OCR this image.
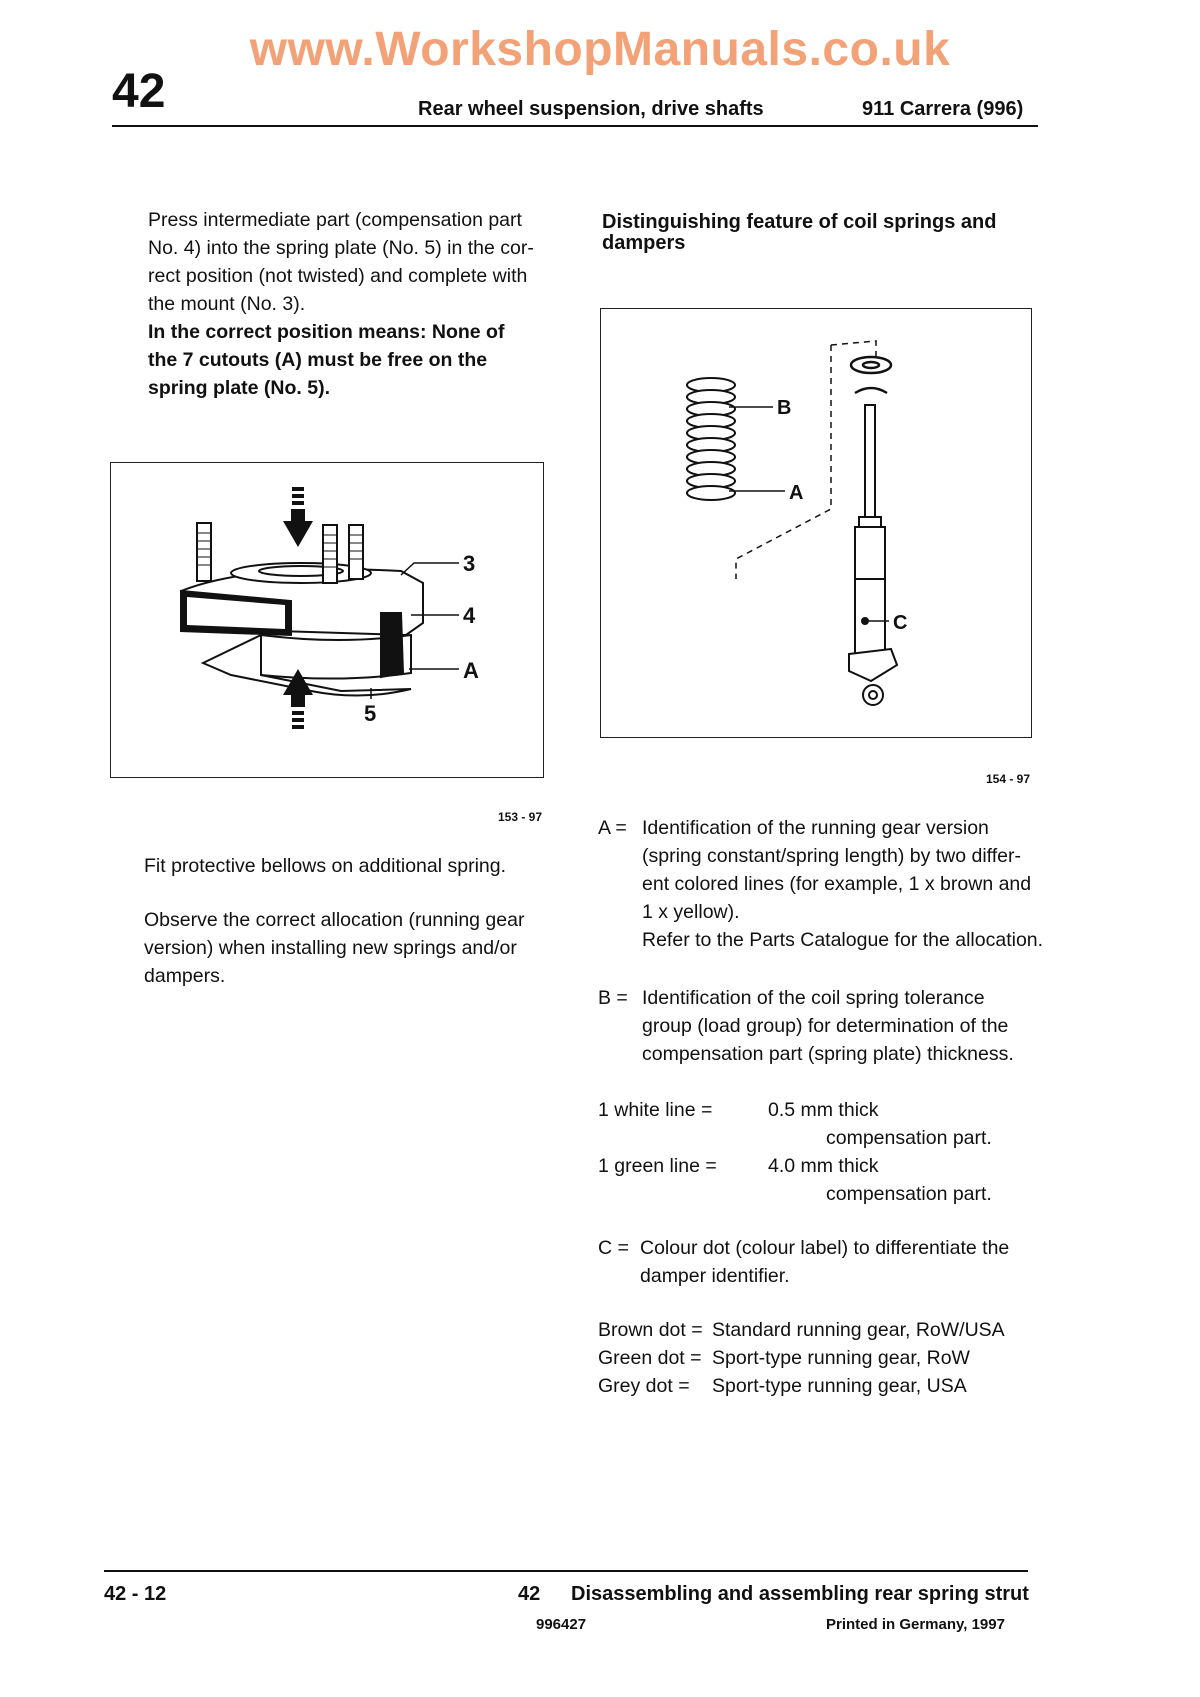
www.WorkshopManuals.co.uk
42	Rear wheel suspension, drive shafts	911 Carrera (996)
Press intermediate part (compensation part
No. 4) into the spring plate (No. 5) in the cor-
rect position (not twisted) and complete with
the mount (No. 3).
In the correct position means: None of
the 7 cutouts (A) must be free on the
spring plate (No. 5).
3
4
A
5
153 - 97
Fit protective bellows on additional spring.
Observe the correct allocation (running gear
version) when installing new springs and/or
dampers.
Distinguishing feature of coil springs and
dampers
B
A
C
154 - 97
A = Identification of the running gear version
(spring constant/spring length) by two differ-
ent colored lines (for example, 1 x brown and
1 x yellow).
Refer to the Parts Catalogue for the allocation.
B = Identification of the coil spring tolerance
group (load group) for determination of the
compensation part (spring plate) thickness.
1 white line =	0.5 mm thick
compensation part.
1 green line =	4.0 mm thick
compensation part.
C = Colour dot (colour label) to differentiate the
damper identifier.
Brown dot = Standard running gear, RoW/USA
Green dot = Sport-type running gear, RoW
Grey dot = Sport-type running gear, USA
42 - 12	42 Disassembling and assembling rear spring strut
996427	Printed in Germany, 1997
